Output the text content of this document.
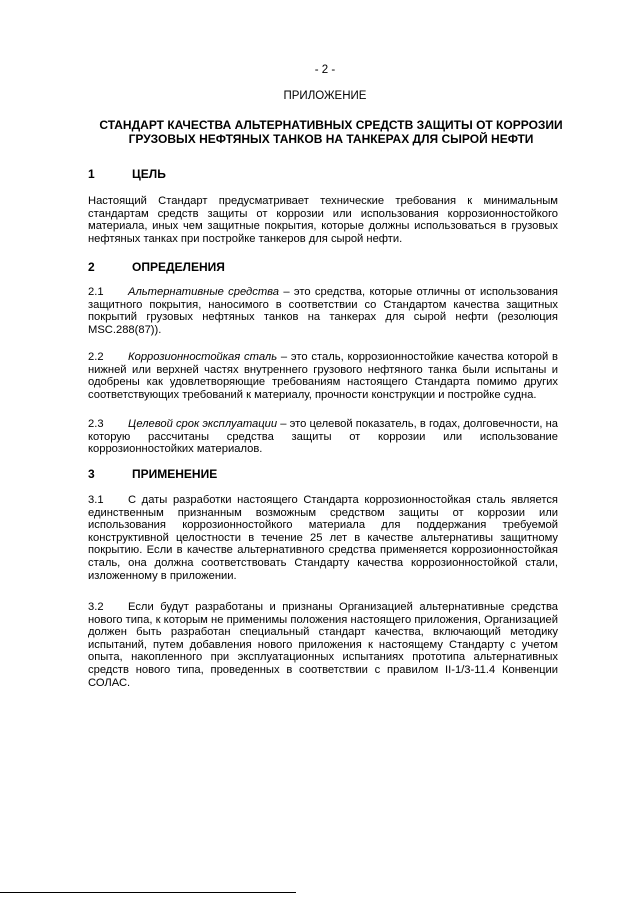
- 2 -
ПРИЛОЖЕНИЕ
СТАНДАРТ КАЧЕСТВА АЛЬТЕРНАТИВНЫХ СРЕДСТВ ЗАЩИТЫ ОТ КОРРОЗИИ
ГРУЗОВЫХ НЕФТЯНЫХ ТАНКОВ НА ТАНКЕРАХ ДЛЯ СЫРОЙ НЕФТИ
1	ЦЕЛЬ
Настоящий Стандарт предусматривает технические требования к минимальным стандартам средств защиты от коррозии или использования коррозионностойкого материала, иных чем защитные покрытия, которые должны использоваться в грузовых нефтяных танках при постройке танкеров для сырой нефти.
2	ОПРЕДЕЛЕНИЯ
2.1 Альтернативные средства – это средства, которые отличны от использования защитного покрытия, наносимого в соответствии со Стандартом качества защитных покрытий грузовых нефтяных танков на танкерах для сырой нефти (резолюция MSC.288(87)).
2.2 Коррозионностойкая сталь – это сталь, коррозионностойкие качества которой в нижней или верхней частях внутреннего грузового нефтяного танка были испытаны и одобрены как удовлетворяющие требованиям настоящего Стандарта помимо других соответствующих требований к материалу, прочности конструкции и постройке судна.
2.3 Целевой срок эксплуатации – это целевой показатель, в годах, долговечности, на которую рассчитаны средства защиты от коррозии или использование коррозионностойких материалов.
3	ПРИМЕНЕНИЕ
3.1 С даты разработки настоящего Стандарта коррозионностойкая сталь является единственным признанным возможным средством защиты от коррозии или использования коррозионностойкого материала для поддержания требуемой конструктивной целостности в течение 25 лет в качестве альтернативы защитному покрытию. Если в качестве альтернативного средства применяется коррозионностойкая сталь, она должна соответствовать Стандарту качества коррозионностойкой стали, изложенному в приложении.
3.2 Если будут разработаны и признаны Организацией альтернативные средства нового типа, к которым не применимы положения настоящего приложения, Организацией должен быть разработан специальный стандарт качества, включающий методику испытаний, путем добавления нового приложения к настоящему Стандарту с учетом опыта, накопленного при эксплуатационных испытаниях прототипа альтернативных средств нового типа, проведенных в соответствии с правилом II-1/3-11.4 Конвенции СОЛАС.
